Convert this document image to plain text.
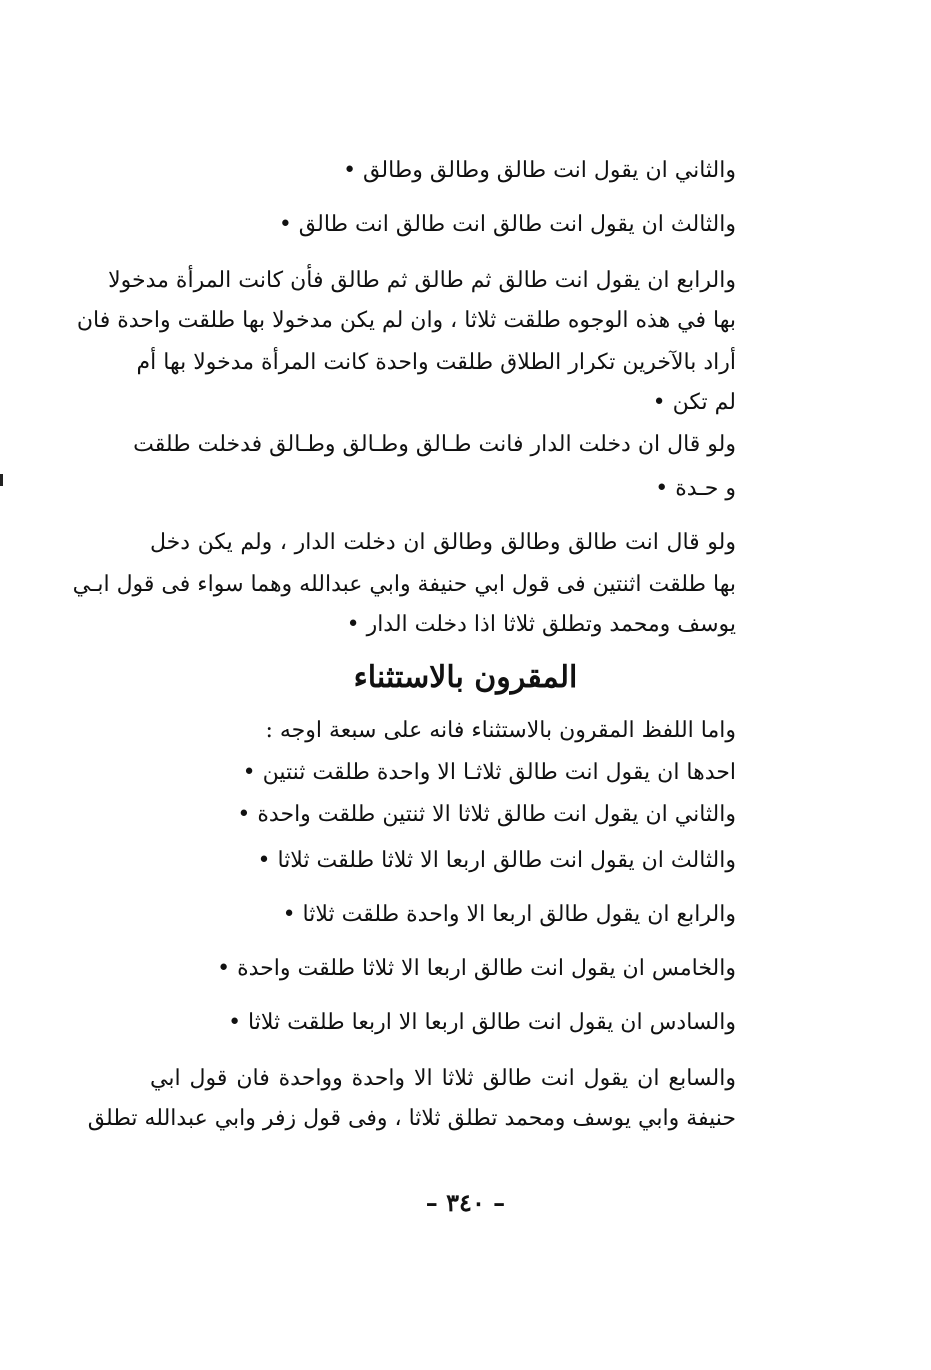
والثاني ان يقول انت طالق وطالق وطالق •
والثالث ان يقول انت طالق انت طالق انت طالق •
والرابع ان يقول انت طالق ثم طالق ثم طالق فأن كانت المرأة مدخولا
بها في هذه الوجوه طلقت ثلاثا ، وان لم يكن مدخولا بها طلقت واحدة فان
أراد بالآخرين تكرار الطلاق طلقت واحدة كانت المرأة مدخولا بها أم
لم تكن •
ولو قال ان دخلت الدار فانت طـالق وطـالق وطـالق فدخلت طلقت
و حـدة •
ولو قال انت طالق وطالق وطالق ان دخلت الدار ، ولم يكن دخل
بها طلقت اثنتين فى قول ابي حنيفة وابي عبدالله وهما سواء فى قول ابـي
يوسف ومحمد وتطلق ثلاثا اذا دخلت الدار •
المقرون بالاستثناء
واما اللفظ المقرون بالاستثناء فانه على سبعة اوجه :
احدها ان يقول انت طالق ثلاثـا الا واحدة طلقت ثنتين •
والثاني ان يقول انت طالق ثلاثا الا ثنتين طلقت واحدة •
والثالث ان يقول انت طالق اربعا الا ثلاثا طلقت ثلاثا •
والرابع ان يقول طالق اربعا الا واحدة طلقت ثلاثا •
والخامس ان يقول انت طالق اربعا الا ثلاثا طلقت واحدة •
والسادس ان يقول انت طالق اربعا الا اربعا طلقت ثلاثا •
والسابع ان يقول انت طالق ثلاثا الا واحدة وواحدة فان قول ابي
حنيفة وابي يوسف ومحمد تطلق ثلاثا ، وفى قول زفر وابي عبدالله تطلق
– ٣٤٠ –
